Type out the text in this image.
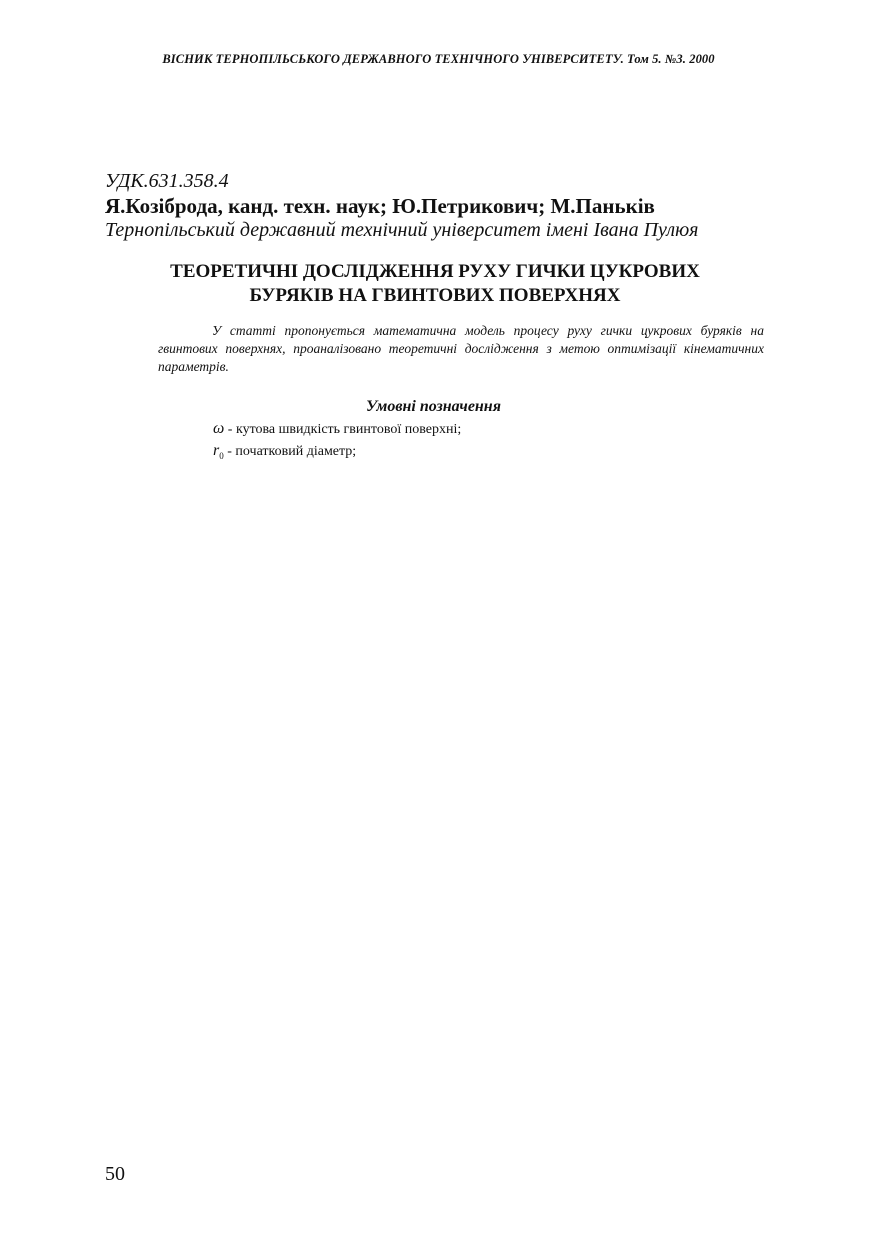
ВІСНИК ТЕРНОПІЛЬСЬКОГО ДЕРЖАВНОГО ТЕХНІЧНОГО УНІВЕРСИТЕТУ. Том 5. №3. 2000
УДК.631.358.4
Я.Козіброда, канд. техн. наук; Ю.Петрикович; М.Паньків
Тернопільський державний технічний університет імені Івана Пулюя
ТЕОРЕТИЧНІ ДОСЛІДЖЕННЯ РУХУ ГИЧКИ ЦУКРОВИХ
БУРЯКІВ НА ГВИНТОВИХ ПОВЕРХНЯХ

У статті пропонується математична модель процесу руху гички цукрових буряків на гвинтових поверхнях, проаналізовано теоретичні дослідження з метою оптимізації кінематичних параметрів.

Умовні позначення
ω - кутова швидкість гвинтової поверхні;
$r_0$ - початковий діаметр;
50
